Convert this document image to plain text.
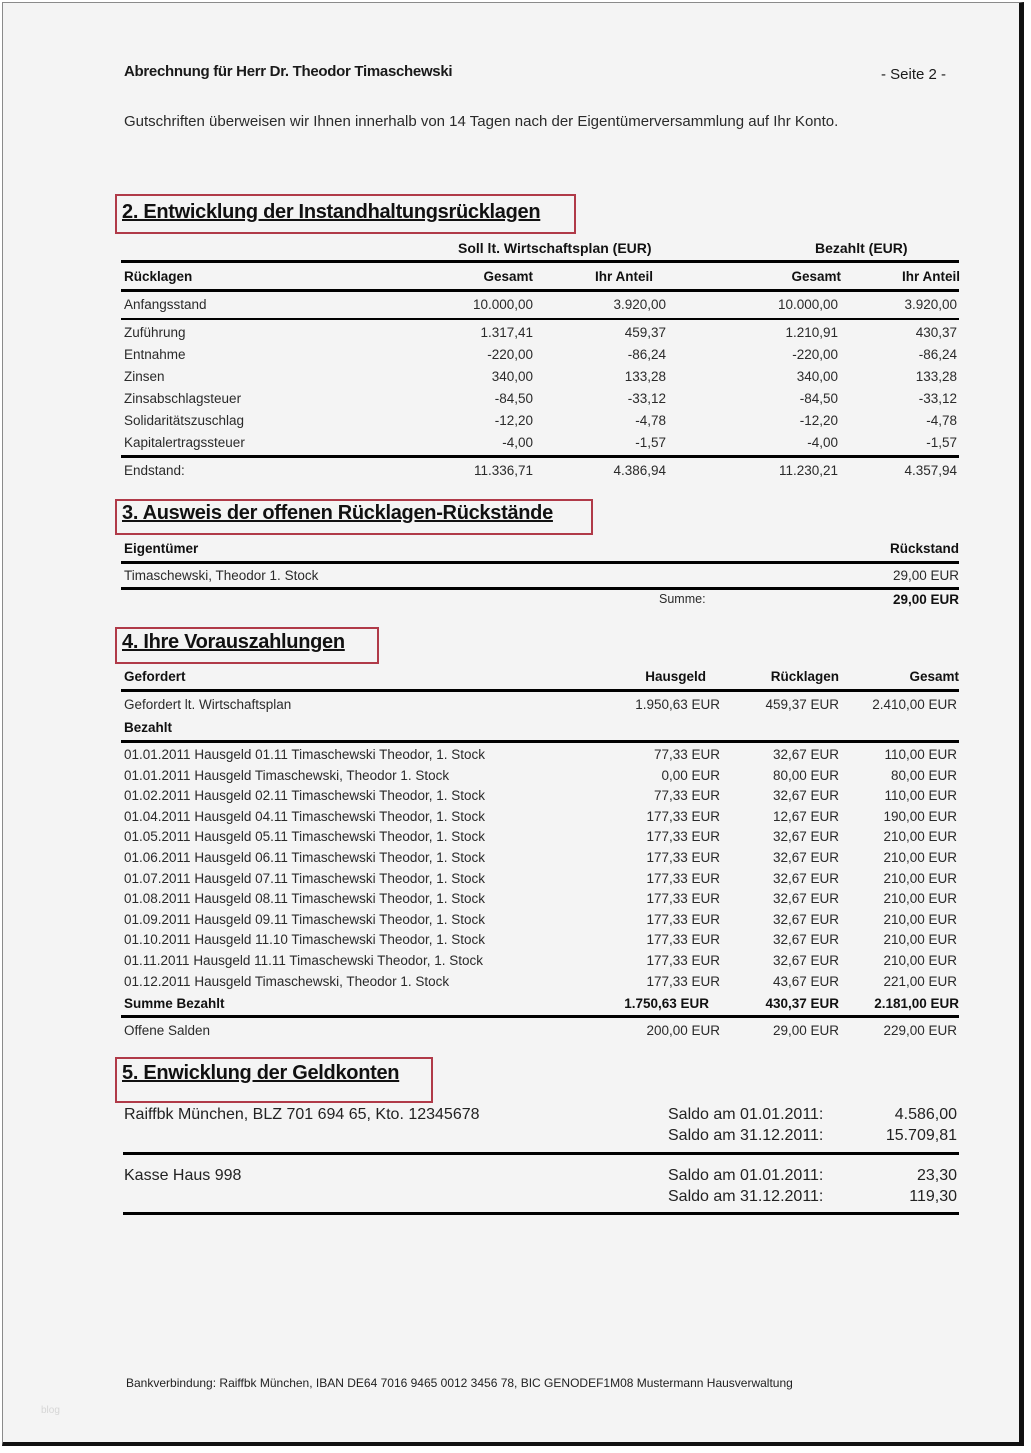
Abrechnung für Herr Dr. Theodor Timaschewski	- Seite 2 -
Gutschriften überweisen wir Ihnen innerhalb von 14 Tagen nach der Eigentümerversammlung auf Ihr Konto.
2. Entwicklung der Instandhaltungsrücklagen
Soll lt. Wirtschaftsplan (EUR)	Bezahlt (EUR)
Rücklagen	Gesamt	Ihr Anteil	Gesamt	Ihr Anteil
Anfangsstand	10.000,00	3.920,00	10.000,00	3.920,00
Zuführung	1.317,41	459,37	1.210,91	430,37
Entnahme	-220,00	-86,24	-220,00	-86,24
Zinsen	340,00	133,28	340,00	133,28
Zinsabschlagsteuer	-84,50	-33,12	-84,50	-33,12
Solidaritätszuschlag	-12,20	-4,78	-12,20	-4,78
Kapitalertragssteuer	-4,00	-1,57	-4,00	-1,57
Endstand:	11.336,71	4.386,94	11.230,21	4.357,94
3. Ausweis der offenen Rücklagen-Rückstände
Eigentümer	Rückstand
Timaschewski, Theodor 1. Stock	29,00 EUR
Summe:	29,00 EUR
4. Ihre Vorauszahlungen
Gefordert	Hausgeld	Rücklagen	Gesamt
Gefordert lt. Wirtschaftsplan	1.950,63 EUR	459,37 EUR	2.410,00 EUR
Bezahlt
01.01.2011 Hausgeld 01.11 Timaschewski Theodor, 1. Stock	77,33 EUR	32,67 EUR	110,00 EUR
01.01.2011 Hausgeld Timaschewski, Theodor 1. Stock	0,00 EUR	80,00 EUR	80,00 EUR
01.02.2011 Hausgeld 02.11 Timaschewski Theodor, 1. Stock	77,33 EUR	32,67 EUR	110,00 EUR
01.04.2011 Hausgeld 04.11 Timaschewski Theodor, 1. Stock	177,33 EUR	12,67 EUR	190,00 EUR
01.05.2011 Hausgeld 05.11 Timaschewski Theodor, 1. Stock	177,33 EUR	32,67 EUR	210,00 EUR
01.06.2011 Hausgeld 06.11 Timaschewski Theodor, 1. Stock	177,33 EUR	32,67 EUR	210,00 EUR
01.07.2011 Hausgeld 07.11 Timaschewski Theodor, 1. Stock	177,33 EUR	32,67 EUR	210,00 EUR
01.08.2011 Hausgeld 08.11 Timaschewski Theodor, 1. Stock	177,33 EUR	32,67 EUR	210,00 EUR
01.09.2011 Hausgeld 09.11 Timaschewski Theodor, 1. Stock	177,33 EUR	32,67 EUR	210,00 EUR
01.10.2011 Hausgeld 11.10 Timaschewski Theodor, 1. Stock	177,33 EUR	32,67 EUR	210,00 EUR
01.11.2011 Hausgeld 11.11 Timaschewski Theodor, 1. Stock	177,33 EUR	32,67 EUR	210,00 EUR
01.12.2011 Hausgeld Timaschewski, Theodor 1. Stock	177,33 EUR	43,67 EUR	221,00 EUR
Summe Bezahlt	1.750,63 EUR	430,37 EUR	2.181,00 EUR
Offene Salden	200,00 EUR	29,00 EUR	229,00 EUR
5. Enwicklung der Geldkonten
Raiffbk München, BLZ 701 694 65, Kto. 12345678	Saldo am 01.01.2011:	4.586,00
Saldo am 31.12.2011:	15.709,81
Kasse Haus 998	Saldo am 01.01.2011:	23,30
Saldo am 31.12.2011:	119,30
Bankverbindung: Raiffbk München, IBAN DE64 7016 9465 0012 3456 78, BIC GENODEF1M08 Mustermann Hausverwaltung
blog
